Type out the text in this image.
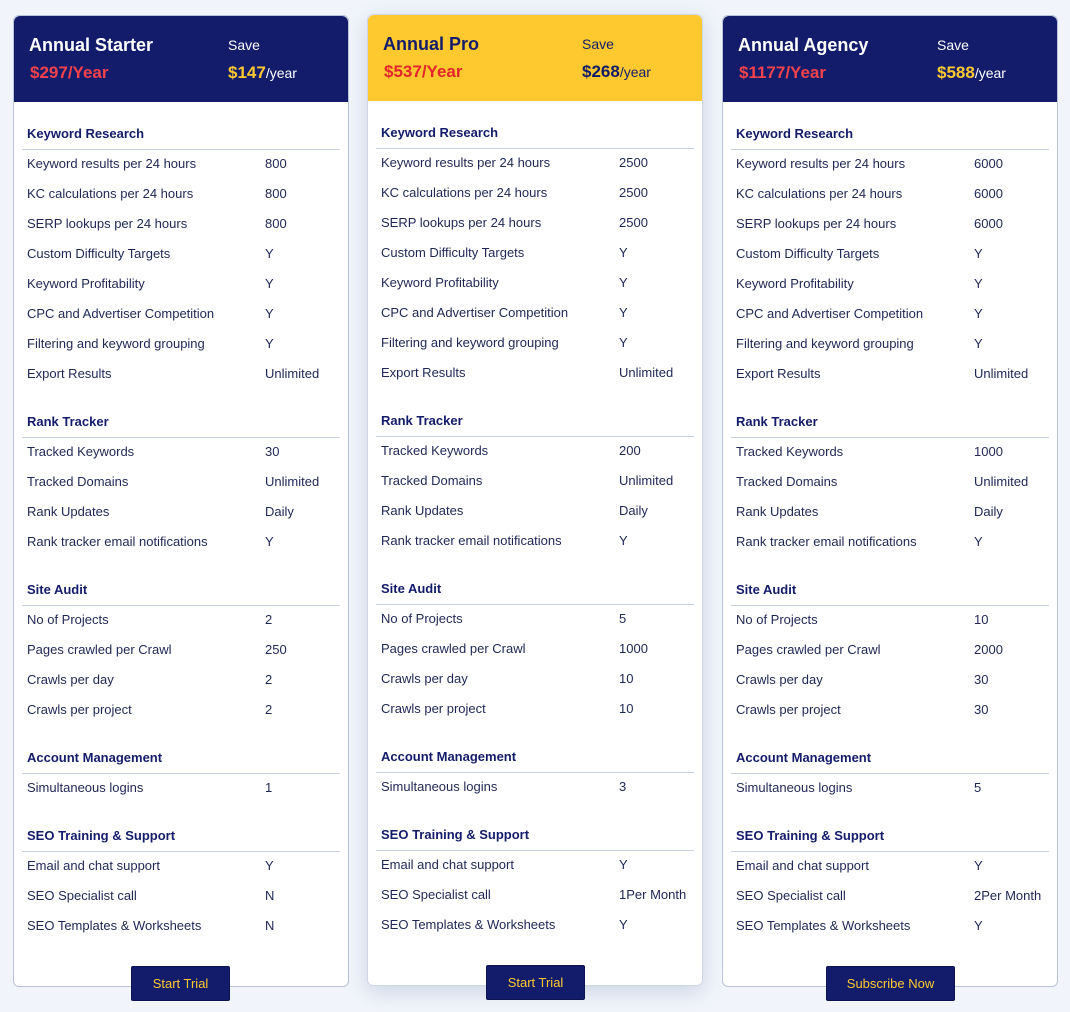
Annual Starter
$297/Year
Save
$147/year
Keyword Research
Keyword results per 24 hours	800
KC calculations per 24 hours	800
SERP lookups per 24 hours	800
Custom Difficulty Targets	Y
Keyword Profitability	Y
CPC and Advertiser Competition	Y
Filtering and keyword grouping	Y
Export Results	Unlimited
Rank Tracker
Tracked Keywords	30
Tracked Domains	Unlimited
Rank Updates	Daily
Rank tracker email notifications	Y
Site Audit
No of Projects	2
Pages crawled per Crawl	250
Crawls per day	2
Crawls per project	2
Account Management
Simultaneous logins	1
SEO Training & Support
Email and chat support	Y
SEO Specialist call	N
SEO Templates & Worksheets	N
Annual Pro
$537/Year
Save
$268/year
Keyword Research
Keyword results per 24 hours	2500
KC calculations per 24 hours	2500
SERP lookups per 24 hours	2500
Custom Difficulty Targets	Y
Keyword Profitability	Y
CPC and Advertiser Competition	Y
Filtering and keyword grouping	Y
Export Results	Unlimited
Rank Tracker
Tracked Keywords	200
Tracked Domains	Unlimited
Rank Updates	Daily
Rank tracker email notifications	Y
Site Audit
No of Projects	5
Pages crawled per Crawl	1000
Crawls per day	10
Crawls per project	10
Account Management
Simultaneous logins	3
SEO Training & Support
Email and chat support	Y
SEO Specialist call	1Per Month
SEO Templates & Worksheets	Y
Annual Agency
$1177/Year
Save
$588/year
Keyword Research
Keyword results per 24 hours	6000
KC calculations per 24 hours	6000
SERP lookups per 24 hours	6000
Custom Difficulty Targets	Y
Keyword Profitability	Y
CPC and Advertiser Competition	Y
Filtering and keyword grouping	Y
Export Results	Unlimited
Rank Tracker
Tracked Keywords	1000
Tracked Domains	Unlimited
Rank Updates	Daily
Rank tracker email notifications	Y
Site Audit
No of Projects	10
Pages crawled per Crawl	2000
Crawls per day	30
Crawls per project	30
Account Management
Simultaneous logins	5
SEO Training & Support
Email and chat support	Y
SEO Specialist call	2Per Month
SEO Templates & Worksheets	Y
Start Trial	Start Trial	Subscribe Now
